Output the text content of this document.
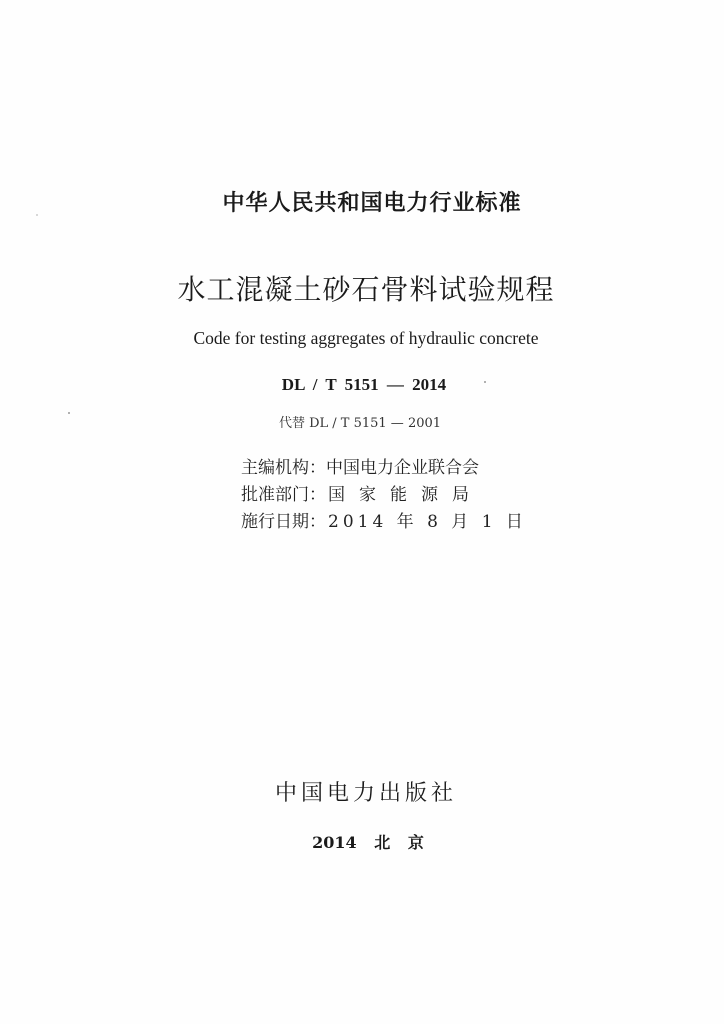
中华人民共和国电力行业标准
水工混凝土砂石骨料试验规程
Code for testing aggregates of hydraulic concrete
DL / T 5151 — 2014
代替 DL / T 5151 — 2001
主编机构： 中国电力企业联合会
批准部门： 国家能源局
施行日期： 2014 年 8 月 1 日
中国电力出版社
2014 北 京
